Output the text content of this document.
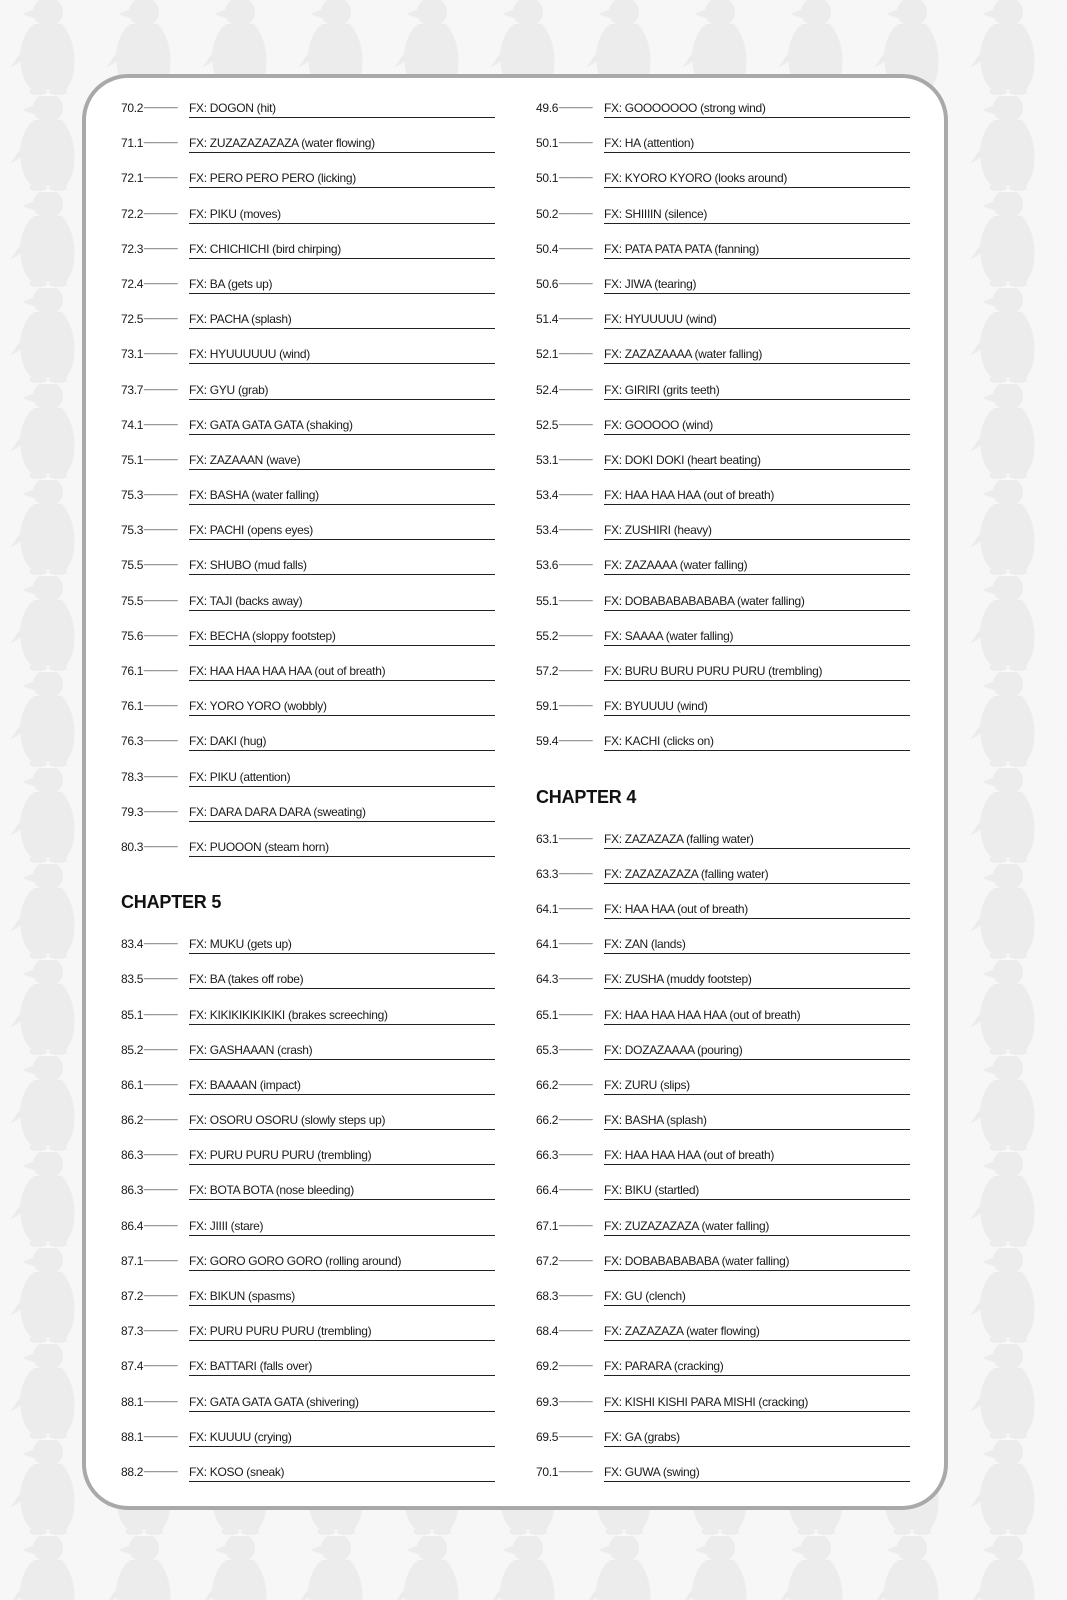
70.2 - - -	FX: DOGON (hit)
71.1 - - -	FX: ZUZAZAZAZAZA (water flowing)
72.1 - - -	FX: PERO PERO PERO (licking)
72.2 - - -	FX: PIKU (moves)
72.3 - - -	FX: CHICHICHI (bird chirping)
72.4 - - -	FX: BA (gets up)
72.5 - - -	FX: PACHA (splash)
73.1 - - -	FX: HYUUUUUU (wind)
73.7 - - -	FX: GYU (grab)
74.1 - - -	FX: GATA GATA GATA (shaking)
75.1 - - -	FX: ZAZAAAN (wave)
75.3 - - -	FX: BASHA (water falling)
75.3 - - -	FX: PACHI (opens eyes)
75.5 - - -	FX: SHUBO (mud falls)
75.5 - - -	FX: TAJI (backs away)
75.6 - - -	FX: BECHA (sloppy footstep)
76.1 - - -	FX: HAA HAA HAA HAA (out of breath)
76.1 - - -	FX: YORO YORO (wobbly)
76.3 - - -	FX: DAKI (hug)
78.3 - - -	FX: PIKU (attention)
79.3 - - -	FX: DARA DARA DARA (sweating)
80.3 - - -	FX: PUOOON (steam horn)
CHAPTER 5
83.4 - - -	FX: MUKU (gets up)
83.5 - - -	FX: BA (takes off robe)
85.1 - - -	FX: KIKIKIKIKIKIKI (brakes screeching)
85.2 - - -	FX: GASHAAAN (crash)
86.1 - - -	FX: BAAAAN (impact)
86.2 - - -	FX: OSORU OSORU (slowly steps up)
86.3 - - -	FX: PURU PURU PURU (trembling)
86.3 - - -	FX: BOTA BOTA (nose bleeding)
86.4 - - -	FX: JIIII (stare)
87.1 - - -	FX: GORO GORO GORO (rolling around)
87.2 - - -	FX: BIKUN (spasms)
87.3 - - -	FX: PURU PURU PURU (trembling)
87.4 - - -	FX: BATTARI (falls over)
88.1 - - -	FX: GATA GATA GATA (shivering)
88.1 - - -	FX: KUUUU (crying)
88.2 - - -	FX: KOSO (sneak)
49.6 - - -	FX: GOOOOOOO (strong wind)
50.1 - - -	FX: HA (attention)
50.1 - - -	FX: KYORO KYORO (looks around)
50.2 - - -	FX: SHIIIIN (silence)
50.4 - - -	FX: PATA PATA PATA (fanning)
50.6 - - -	FX: JIWA (tearing)
51.4 - - -	FX: HYUUUUU (wind)
52.1 - - -	FX: ZAZAZAAAA (water falling)
52.4 - - -	FX: GIRIRI (grits teeth)
52.5 - - -	FX: GOOOOO (wind)
53.1 - - -	FX: DOKI DOKI (heart beating)
53.4 - - -	FX: HAA HAA HAA (out of breath)
53.4 - - -	FX: ZUSHIRI (heavy)
53.6 - - -	FX: ZAZAAAA (water falling)
55.1 - - -	FX: DOBABABABABABA (water falling)
55.2 - - -	FX: SAAAA (water falling)
57.2 - - -	FX: BURU BURU PURU PURU (trembling)
59.1 - - -	FX: BYUUUU (wind)
59.4 - - -	FX: KACHI (clicks on)
CHAPTER 4
63.1 - - -	FX: ZAZAZAZA (falling water)
63.3 - - -	FX: ZAZAZAZAZA (falling water)
64.1 - - -	FX: HAA HAA (out of breath)
64.1 - - -	FX: ZAN (lands)
64.3 - - -	FX: ZUSHA (muddy footstep)
65.1 - - -	FX: HAA HAA HAA HAA (out of breath)
65.3 - - -	FX: DOZAZAAAA (pouring)
66.2 - - -	FX: ZURU (slips)
66.2 - - -	FX: BASHA (splash)
66.3 - - -	FX: HAA HAA HAA (out of breath)
66.4 - - -	FX: BIKU (startled)
67.1 - - -	FX: ZUZAZAZAZA (water falling)
67.2 - - -	FX: DOBABABABABA (water falling)
68.3 - - -	FX: GU (clench)
68.4 - - -	FX: ZAZAZAZA (water flowing)
69.2 - - -	FX: PARARA (cracking)
69.3 - - -	FX: KISHI KISHI PARA MISHI (cracking)
69.5 - - -	FX: GA (grabs)
70.1 - - -	FX: GUWA (swing)
